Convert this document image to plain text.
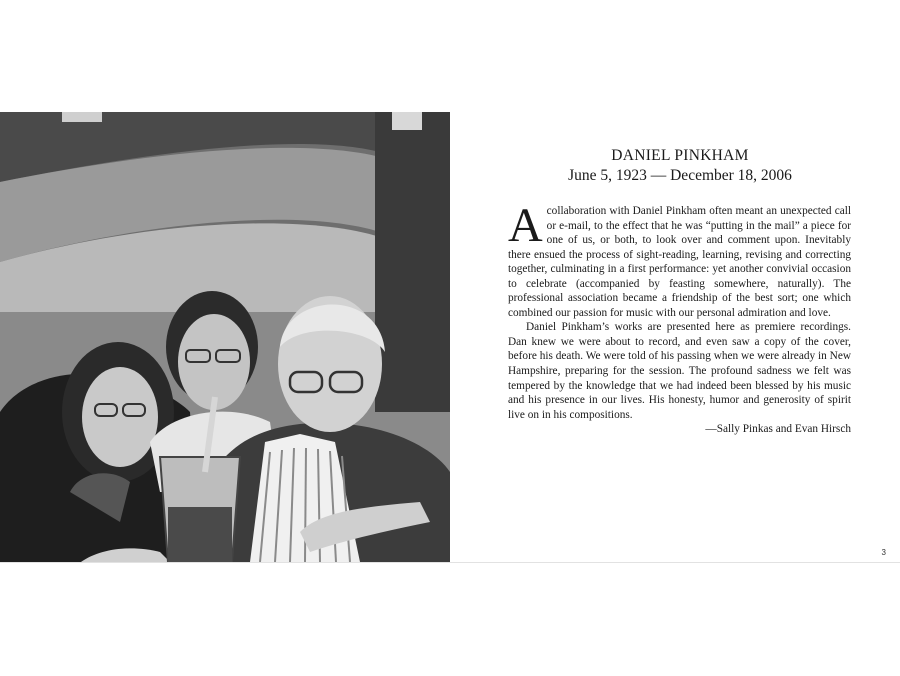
DANIEL PINKHAM
June 5, 1923 — December 18, 2006

Acollaboration with Daniel Pinkham often meant an unexpected call or e-mail, to the effect that he was “putting in the mail” a piece for one of us, or both, to look over and comment upon. Inevitably there ensued the process of sight-reading, learning, revising and correcting together, culminating in a first performance: yet another convivial occasion to celebrate (accompanied by feasting somewhere, naturally). The professional association became a friendship of the best sort; one which combined our passion for music with our personal admiration and love.

Daniel Pinkham’s works are presented here as premiere recordings. Dan knew we were about to record, and even saw a copy of the cover, before his death. We were told of his passing when we were already in New Hampshire, preparing for the session. The profound sadness we felt was tempered by the knowledge that we had indeed been blessed by his music and his presence in our lives. His honesty, humor and generosity of spirit live on in his compositions.

—Sally Pinkas and Evan Hirsch
3
